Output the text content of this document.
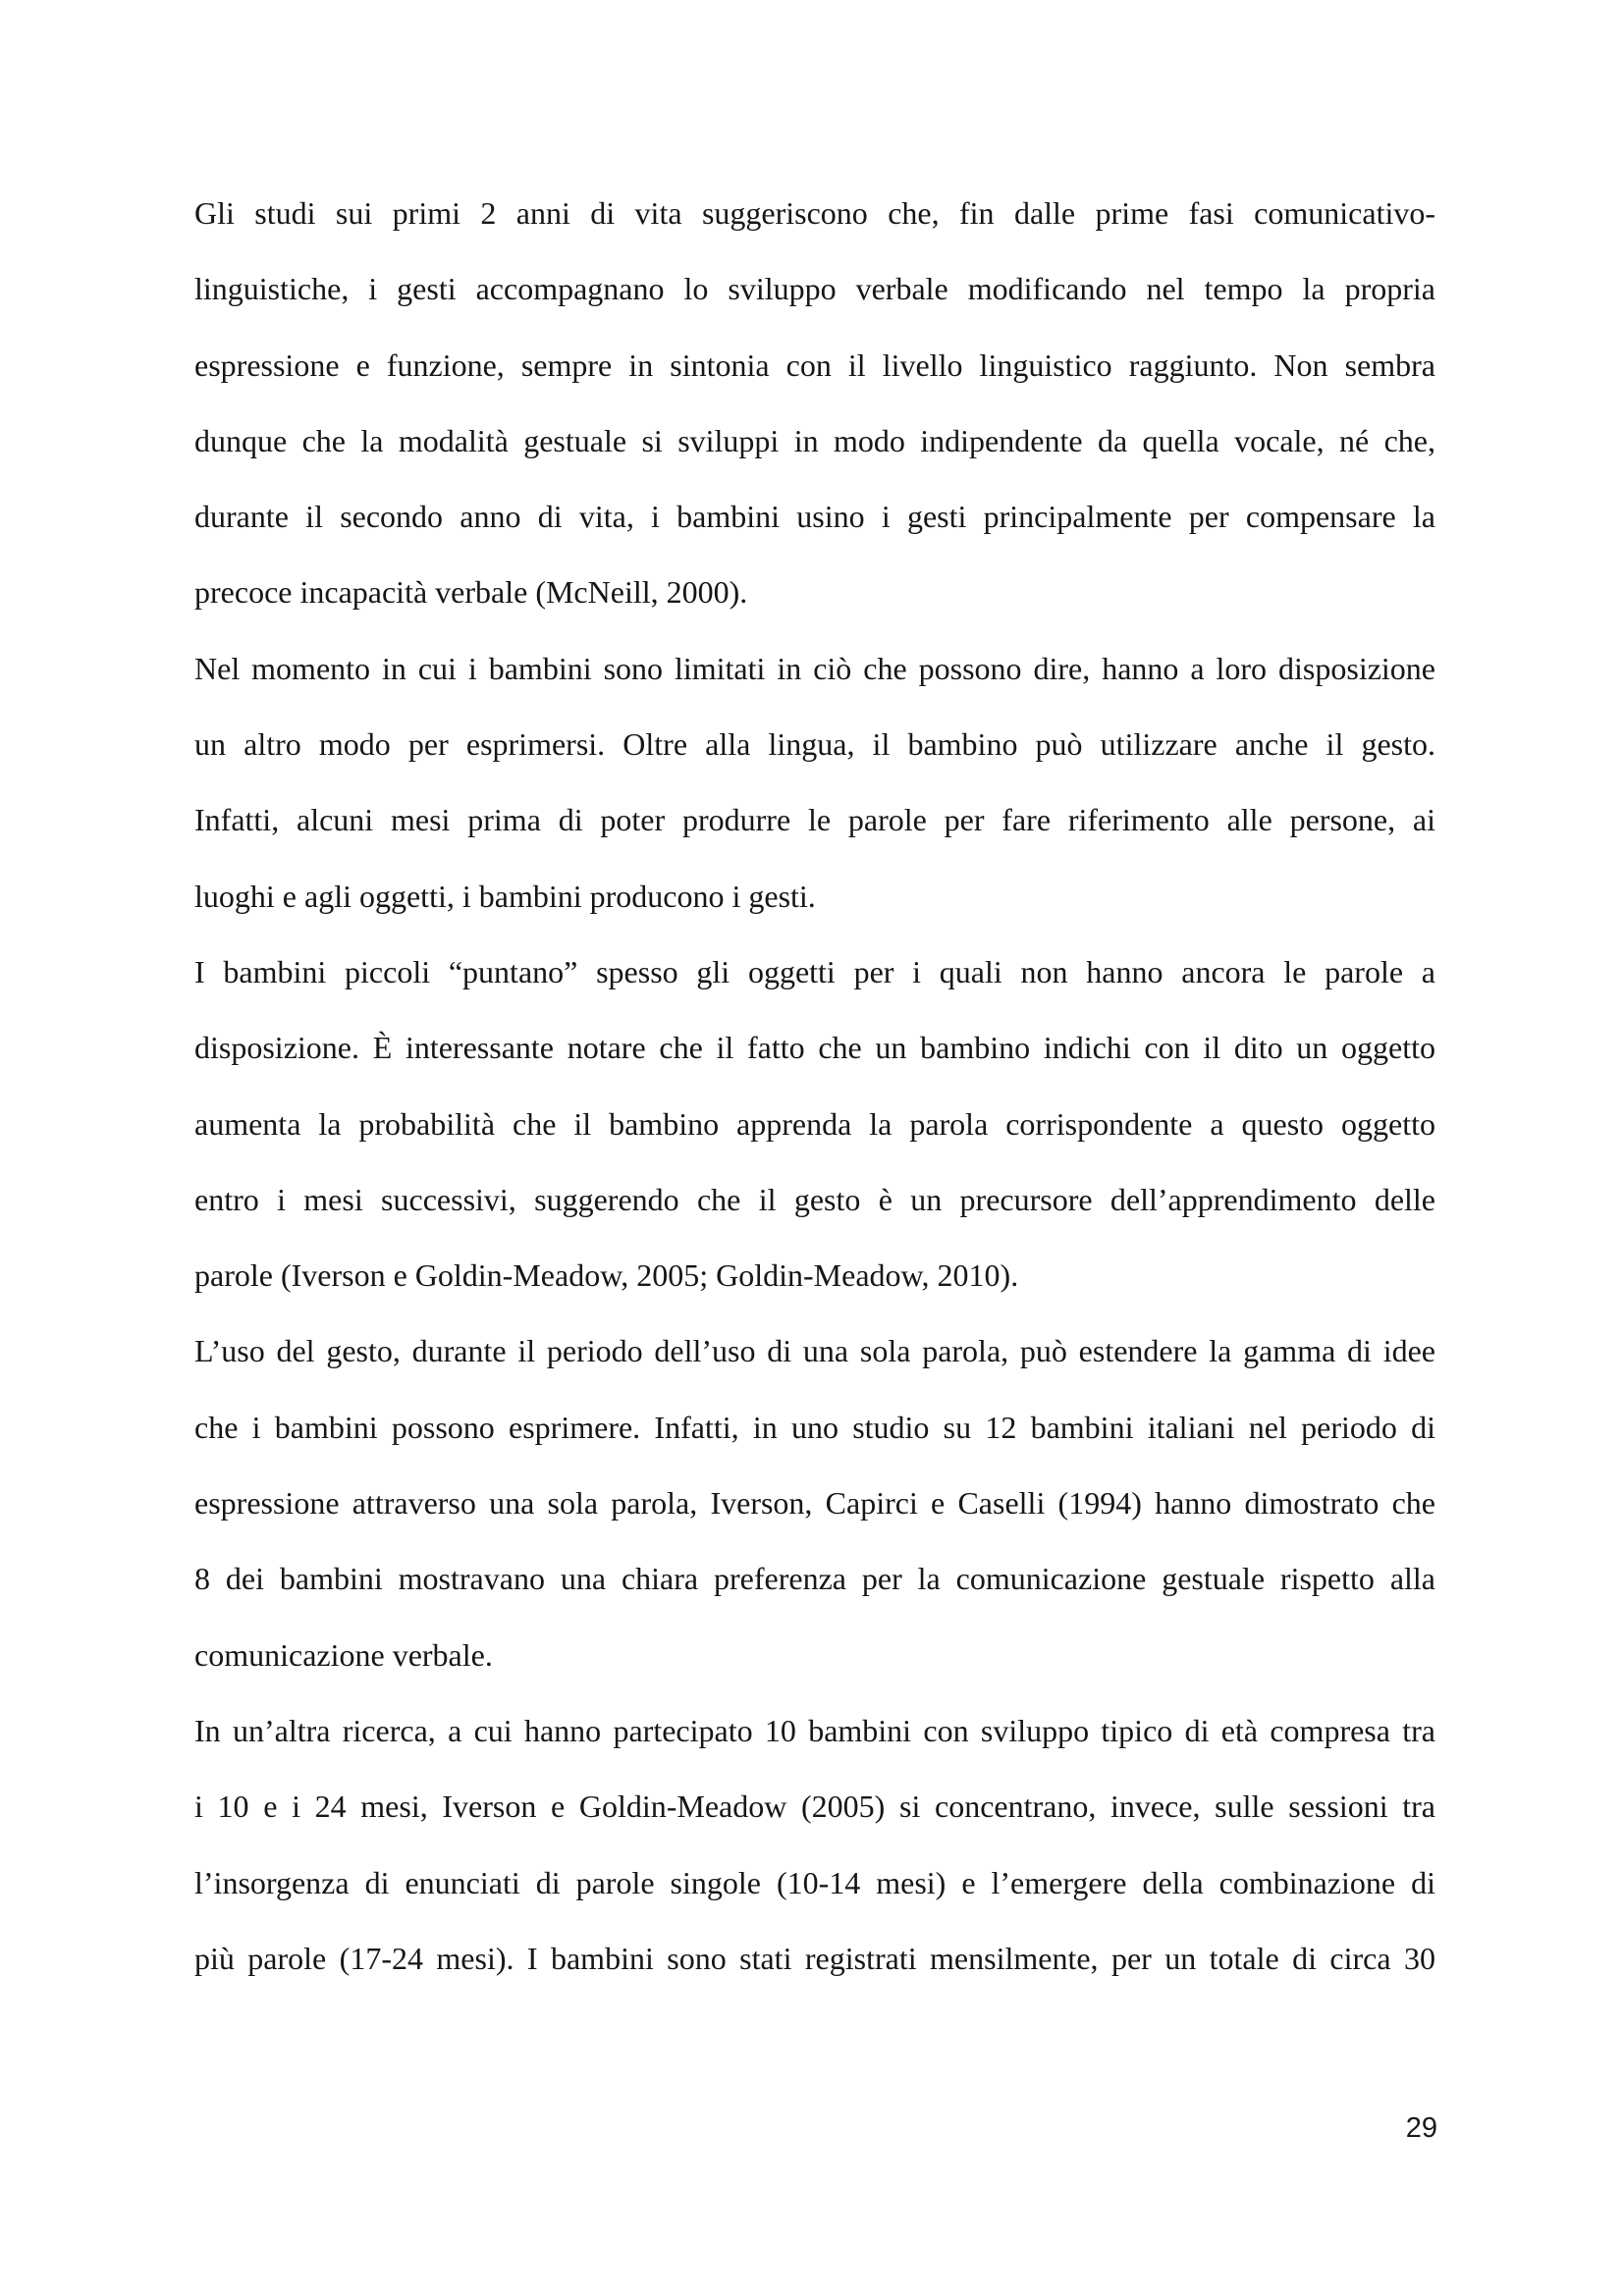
Gli studi sui primi 2 anni di vita suggeriscono che, fin dalle prime fasi comunicativo-
linguistiche, i gesti accompagnano lo sviluppo verbale modificando nel tempo la propria
espressione e funzione, sempre in sintonia con il livello linguistico raggiunto. Non sembra
dunque che la modalità gestuale si sviluppi in modo indipendente da quella vocale, né che,
durante il secondo anno di vita, i bambini usino i gesti principalmente per compensare la
precoce incapacità verbale (McNeill, 2000).
Nel momento in cui i bambini sono limitati in ciò che possono dire, hanno a loro disposizione
un altro modo per esprimersi. Oltre alla lingua, il bambino può utilizzare anche il gesto.
Infatti, alcuni mesi prima di poter produrre le parole per fare riferimento alle persone, ai
luoghi e agli oggetti, i bambini producono i gesti.
I bambini piccoli “puntano” spesso gli oggetti per i quali non hanno ancora le parole a
disposizione. È interessante notare che il fatto che un bambino indichi con il dito un oggetto
aumenta la probabilità che il bambino apprenda la parola corrispondente a questo oggetto
entro i mesi successivi, suggerendo che il gesto è un precursore dell’apprendimento delle
parole (Iverson e Goldin-Meadow, 2005; Goldin-Meadow, 2010).
L’uso del gesto, durante il periodo dell’uso di una sola parola, può estendere la gamma di idee
che i bambini possono esprimere. Infatti, in uno studio su 12 bambini italiani nel periodo di
espressione attraverso una sola parola, Iverson, Capirci e Caselli (1994) hanno dimostrato che
8 dei bambini mostravano una chiara preferenza per la comunicazione gestuale rispetto alla
comunicazione verbale.
In un’altra ricerca, a cui hanno partecipato 10 bambini con sviluppo tipico di età compresa tra
i 10 e i 24 mesi, Iverson e Goldin-Meadow (2005) si concentrano, invece, sulle sessioni tra
l’insorgenza di enunciati di parole singole (10-14 mesi) e l’emergere della combinazione di
più parole (17-24 mesi). I bambini sono stati registrati mensilmente, per un totale di circa 30
29
